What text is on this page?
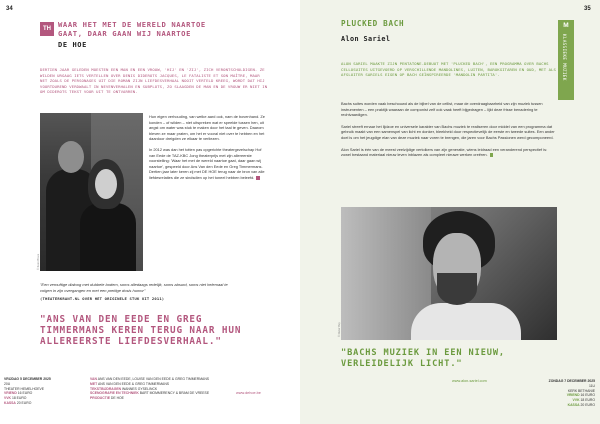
34
TH WAAR HET MET DE WERELD NAARTOE
GAAT, DAAR GAAN WIJ NAARTOE
DE HOE
DERTIEN JAAR GELEDEN MOESTEN EEN MAN EN EEN VROUW, 'HIJ' EN 'ZIJ', ZICH VERONTSCHULDIGEN. ZE WILDEN URGAAG IETS VERTELLEN OVER DENIS DIDEROTS JACQUES, LE FATALISTE ET SON MAÎTRE, MAAR NET ZOALS DE PERSONAGES UIT DIE ROMAN ZIJN LIEFDESVERHAAL NOOIT VERTELD KREEG, WORDT DAT HIJ VOORTDUREND VERDWAALT IN NEVENVERHALEN EN SUBPLOTS, ZO SLAAGDEN DE MAN EN DE VROUW ER NIET IN OM DIDEROTS TEKST VOOR UIT TE ONTVARREN.
© Koen Broos

Hun eigen verhouding, van welke aard ook, nam de bovenhand. Ze konden – of wilden – niet uitspreken wat er speelde tussen hen, uit angst om water was stuk te maken door het taal te geven. Daarom bleven ze maar praten, om het er vooral niet over te hebben en het daardoor dreigden ze elkaar te verliezen.

In 2012 was dan het totten pas opgerichte theatergezelschap Hof van Eede de TAZ-KBC Jong theaterprijs met zijn allereerste voorstelling: 'Waar het met de wereld naartoe gaat, daar gaan wij naartoe', gespeeld door Ans Van den Eede en Greg Timmermans. Dertien jaar later keren zij met DE HOE terug naar de bron van alle liefdesrelaties die ze sindsdien op het toneel hebben beleefd.

"Een vernuftige dialoog met dubbele bodem, soms alledaags redelijk, soms absurd, soms niet helemaal te volgen in zijn overgangen en met een prettige dosis humor"
(THEATERKRANT.NL OVER HET ORIGINELE STUK UIT 2011)
"ANS VAN DEN EEDE EN GREG TIMMERMANS KEREN TERUG NAAR HUN ALLEREERSTE LIEFDESVERHAAL."
VRIJDAG 5 DECEMBER 2025
20U
THEATER HEMELHOEVE
VRIEND 16 EURO
VVK 18 EURO
KASSA 20 EURO
VAN ANS VAN DEN EEDE, LOUISE VAN DEN EEDE & GREG TIMMERMANS
MET ANS VAN DEN EEDE & GREG TIMMERMANS
TEKSTBIJDRAGEN WANNES GYSELINCK
SCENOGRAFIE EN TECHNIEK BART MOMMERENCY & BRAM DE VREESE
PRODUCTIE DE HOE
www.dehoe.be
35
PLUCKED BACH
Alon Sariel
M
KLASSIEKE MUZIEK
ALON SARIEL MAAKTE ZIJN PENTATONE-DEBUUT MET 'PLUCKED BACH', EEN PROGRAMMA OVER BACHS CELLOSUITES UITGEVOERD OP VERSCHILLENDE MANDOLINES, LUITEN, BAROKGITAREN EN OUD, MET ALS AFSLUITER SARIELS EIGEN OP BACH GEÏNSPIREERDE 'MANDOLIN PARTITA'.

Bachs suites worden vaak beschouwd als de bijbel van de cellist, maar de overdraagbaarheid van zijn muziek tussen instrumenten – een praktijk waaraan de componist zelf ook vaak heeft bijgedragen – lijkt deze frisse benadering te rechtvaardigen.

Sariel streeft ernaar het lijdzoe en universele karakter van Bachs muziek te realiseren door middel van een programma dat gebruik maakt van een samenspel van licht en donker, bleekheid door respectievelijk de eerste en tweede suites. Een ander doel is om het jeugdige elan van deze muziek naar voren te brengen, die jaren voor Bachs Passionen werd gecomponeerd.

Alon Sariel is één van de meest veelzijdige vertolkers van zijn generatie, wiens leidraad een veranderend perspectief is: zowel bestaand materiaal nieuw leven inblazen als compleet nieuwe werken creëren.

© Dieter Bey
"BACHS MUZIEK IN EEN NIEUW, VERLEIDELIJK LICHT."
www.alon-sariel.com	ZONDAG 7 DECEMBER 2025
11U
KERK BETHANIE
VRIEND 16 EURO
VVK 18 EURO
KASSA 20 EURO
